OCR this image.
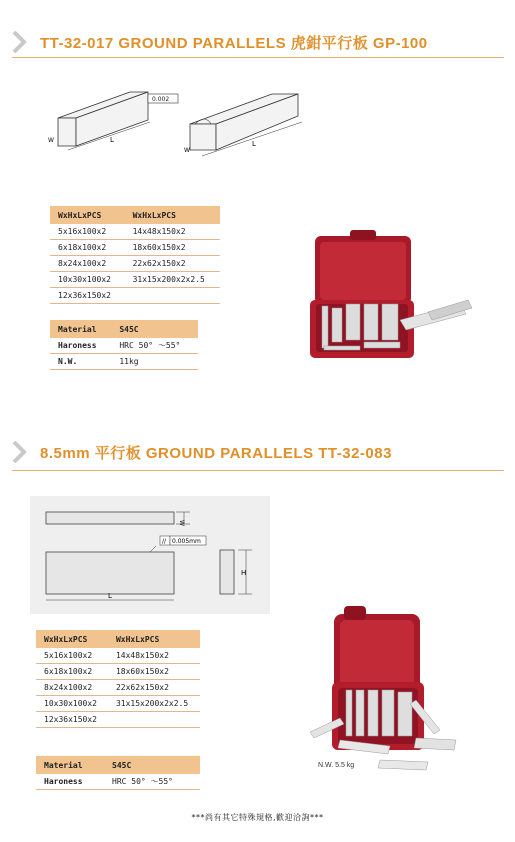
TT-32-017 GROUND PARALLELS 虎鉗平行板 GP-100
0.002
L
W	L
W
WxHxLxPCS	WxHxLxPCS
5x16x100x2	14x48x150x2
6x18x100x2	18x60x150x2
8x24x100x2	22x62x150x2
10x30x100x2	31x15x200x2x2.5
12x36x150x2	
Material	S45C
Haroness	HRC 50° ～55°
N.W.	11kg
8.5mm 平行板 GROUND PARALLELS TT-32-083
W
// 0.005mm
L
H
WxHxLxPCS	WxHxLxPCS
5x16x100x2	14x48x150x2
6x18x100x2	18x60x150x2
8x24x100x2	22x62x150x2
10x30x100x2	31x15x200x2x2.5
12x36x150x2	
Material	S45C
Haroness	HRC 50° ～55°
N.W. 5.5 kg
***尚有其它特殊規格,歡迎洽詢***
